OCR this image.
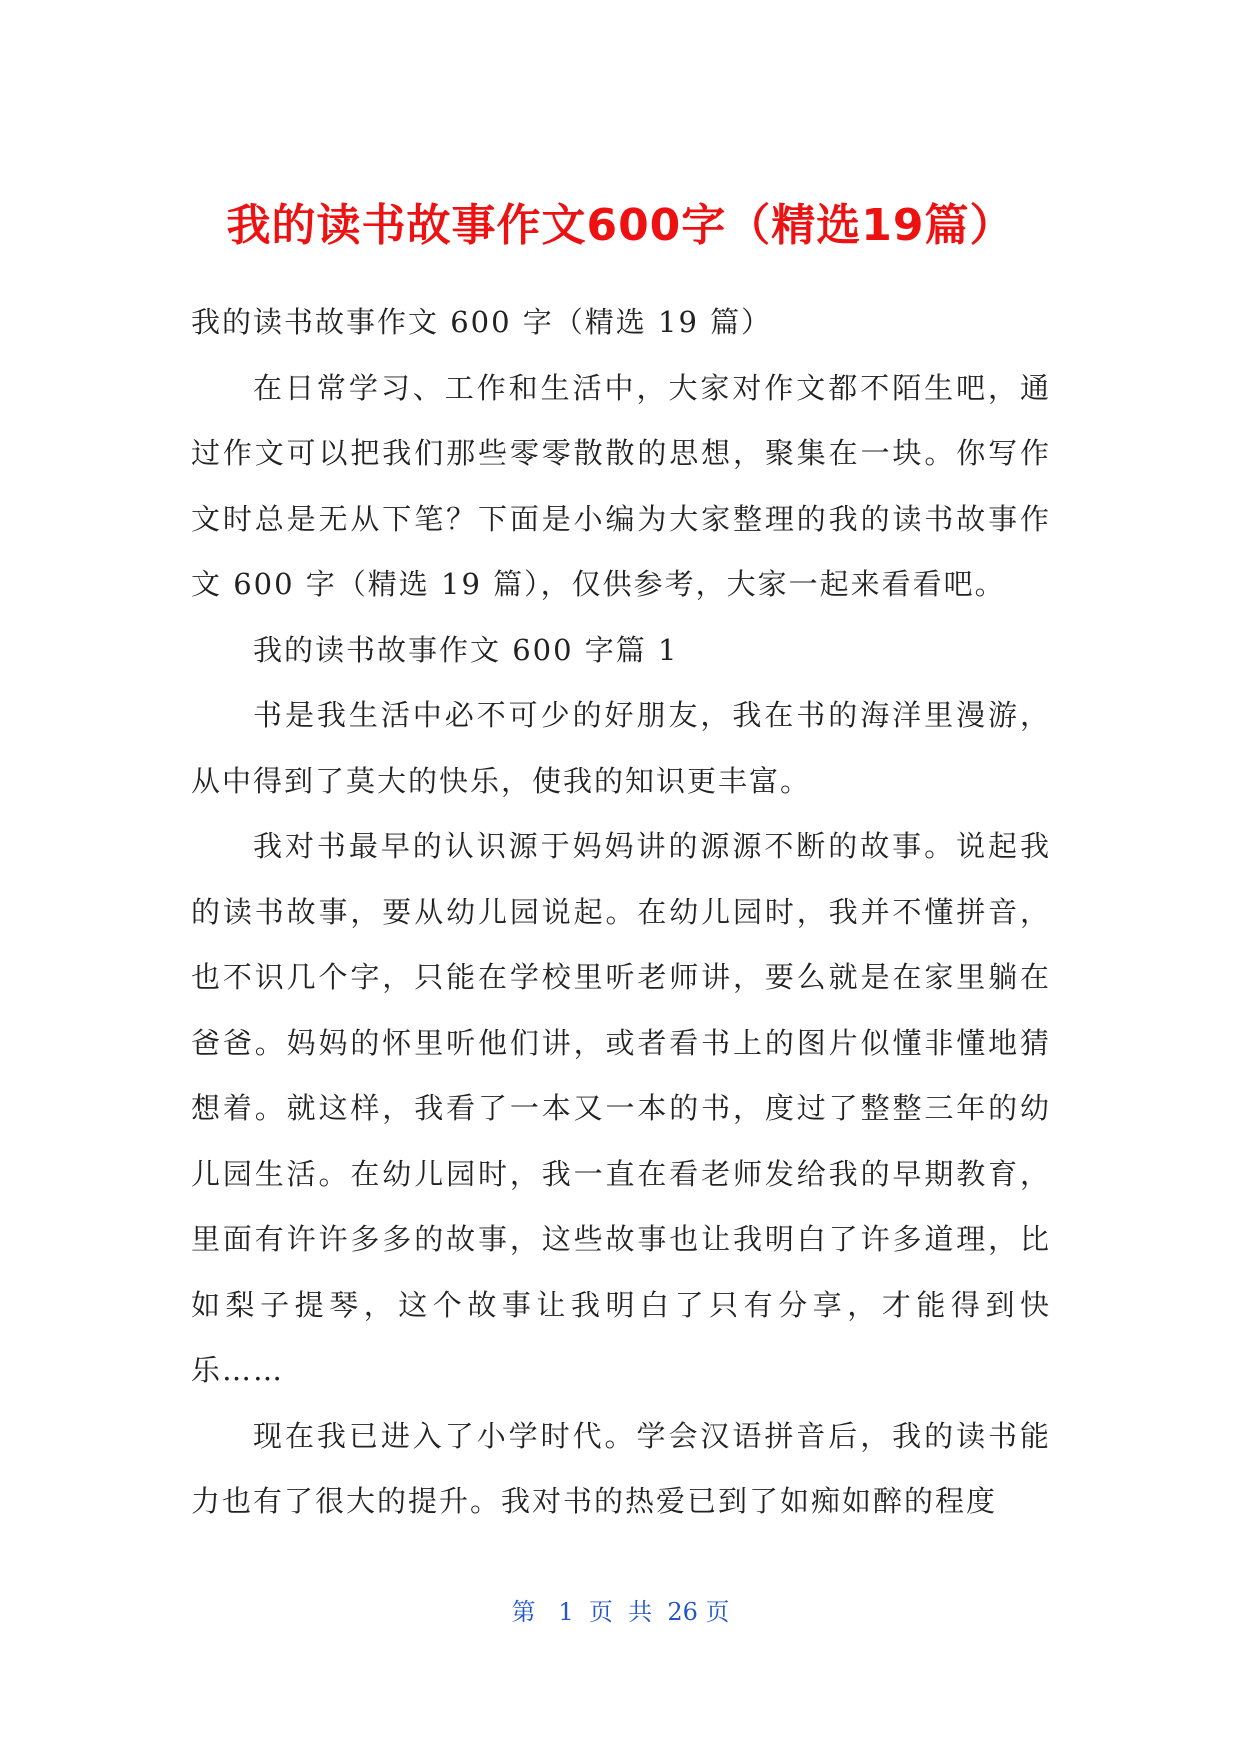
我的读书故事作文600字（精选19篇）

我的读书故事作文 600 字（精选 19 篇）

在日常学习、工作和生活中，大家对作文都不陌生吧，通过作文可以把我们那些零零散散的思想，聚集在一块。你写作文时总是无从下笔？下面是小编为大家整理的我的读书故事作文 600 字（精选 19 篇），仅供参考，大家一起来看看吧。

我的读书故事作文 600 字篇 1

书是我生活中必不可少的好朋友，我在书的海洋里漫游，从中得到了莫大的快乐，使我的知识更丰富。

我对书最早的认识源于妈妈讲的源源不断的故事。说起我的读书故事，要从幼儿园说起。在幼儿园时，我并不懂拼音，也不识几个字，只能在学校里听老师讲，要么就是在家里躺在爸爸。妈妈的怀里听他们讲，或者看书上的图片似懂非懂地猜想着。就这样，我看了一本又一本的书，度过了整整三年的幼儿园生活。在幼儿园时，我一直在看老师发给我的早期教育，里面有许许多多的故事，这些故事也让我明白了许多道理，比如梨子提琴，这个故事让我明白了只有分享，才能得到快乐……

现在我已进入了小学时代。学会汉语拼音后，我的读书能力也有了很大的提升。我对书的热爱已到了如痴如醉的程度

第   1  页  共  26 页
